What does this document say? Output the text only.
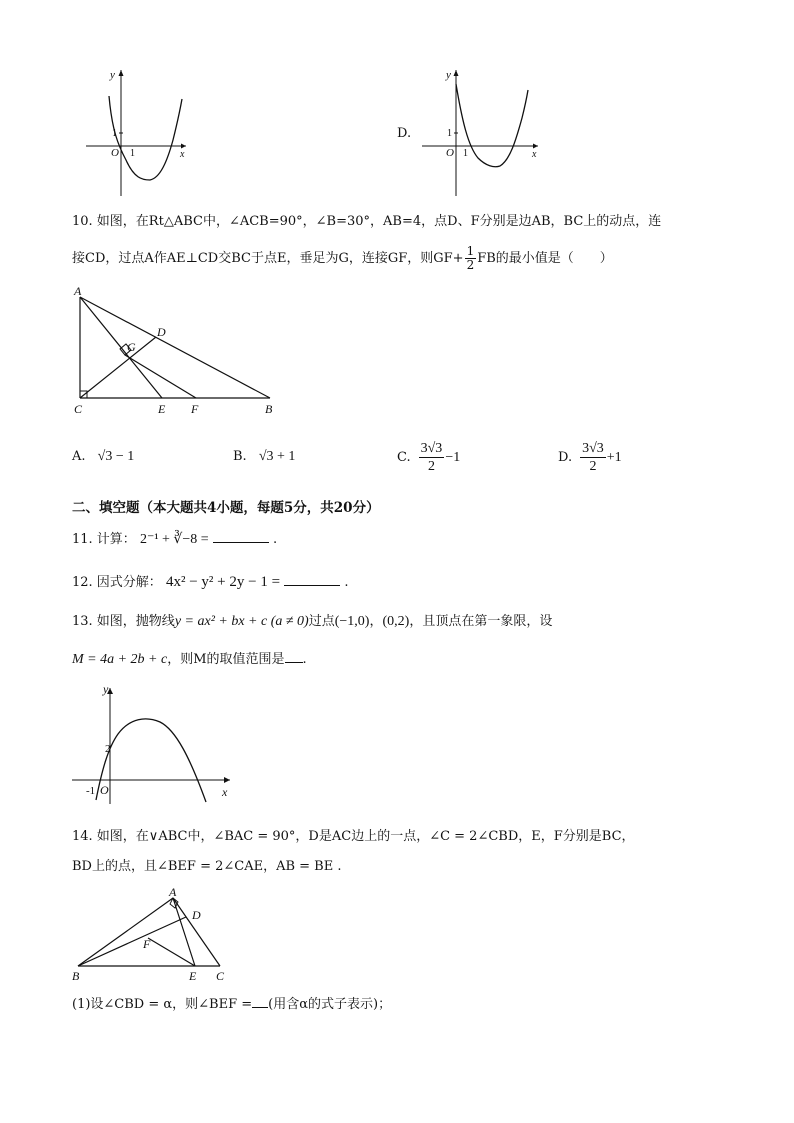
y
x
O
1
1
D.
y
x
O
1
1
10. 如图，在Rt△ABC中，∠ACB=90°，∠B=30°，AB=4，点D、F分别是边AB，BC上的动点，连
接CD，过点A作AE⊥CD交BC于点E，垂足为G，连接GF，则$GF+ \frac{1}{2}$ FB的最小值是（　　）
A
D
G
C	E F	B
A. √3 − 1	B. √3 + 1	C. $\frac{3√3}{2} -1$	D. $\frac{3√3}{2} +1$
二、填空题（本大题共4小题，每题5分，共20分）
11. 计算： 2⁻¹ + ∛−8 =	.
12. 因式分解： 4x² − y² + 2y − 1 =	.
13. 如图，抛物线y = ax² + bx + c (a ≠ 0)过点(−1,0)，(0,2)，且顶点在第一象限，设
M = 4a + 2b + c，则M的取值范围是 .
y
x
2
-1 O
14. 如图，在∨ABC中，∠BAC = 90°，D是AC边上的一点，∠C = 2∠CBD，E，F分别是BC，
BD上的点，且∠BEF = 2∠CAE，AB = BE .
A
D
F
B	E C
(1)设∠CBD = α，则∠BEF = (用含α的式子表示)；
